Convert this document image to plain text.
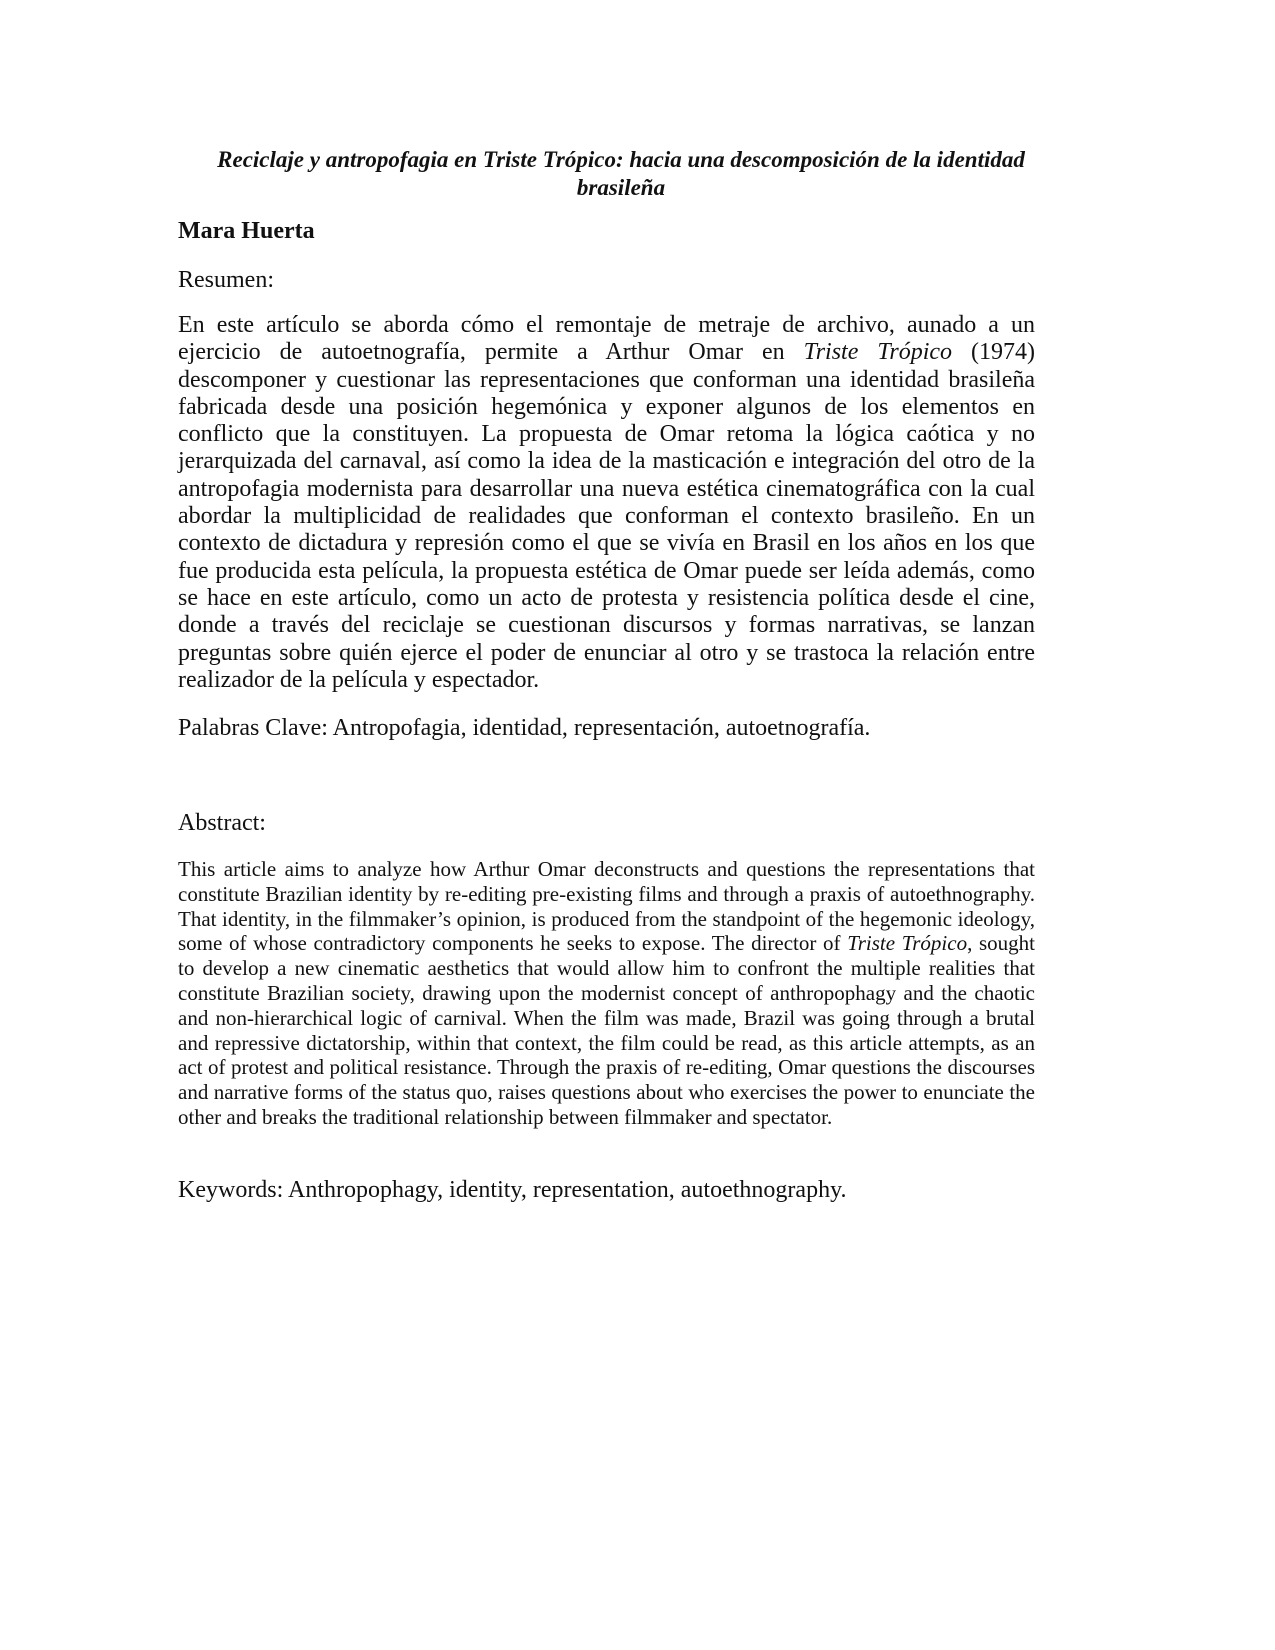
Reciclaje y antropofagia en Triste Trópico: hacia una descomposición de la identidad brasileña

Mara Huerta

Resumen:

En este artículo se aborda cómo el remontaje de metraje de archivo, aunado a un ejercicio de autoetnografía, permite a Arthur Omar en Triste Trópico (1974) descomponer y cuestionar las representaciones que conforman una identidad brasileña fabricada desde una posición hegemónica y exponer algunos de los elementos en conflicto que la constituyen. La propuesta de Omar retoma la lógica caótica y no jerarquizada del carnaval, así como la idea de la masticación e integración del otro de la antropofagia modernista para desarrollar una nueva estética cinematográfica con la cual abordar la multiplicidad de realidades que conforman el contexto brasileño. En un contexto de dictadura y represión como el que se vivía en Brasil en los años en los que fue producida esta película, la propuesta estética de Omar puede ser leída además, como se hace en este artículo, como un acto de protesta y resistencia política desde el cine, donde a través del reciclaje se cuestionan discursos y formas narrativas, se lanzan preguntas sobre quién ejerce el poder de enunciar al otro y se trastoca la relación entre realizador de la película y espectador.

Palabras Clave: Antropofagia, identidad, representación, autoetnografía.

Abstract:

This article aims to analyze how Arthur Omar deconstructs and questions the representations that constitute Brazilian identity by re-editing pre-existing films and through a praxis of autoethnography. That identity, in the filmmaker’s opinion, is produced from the standpoint of the hegemonic ideology, some of whose contradictory components he seeks to expose. The director of Triste Trópico, sought to develop a new cinematic aesthetics that would allow him to confront the multiple realities that constitute Brazilian society, drawing upon the modernist concept of anthropophagy and the chaotic and non-hierarchical logic of carnival. When the film was made, Brazil was going through a brutal and repressive dictatorship, within that context, the film could be read, as this article attempts, as an act of protest and political resistance. Through the praxis of re-editing, Omar questions the discourses and narrative forms of the status quo, raises questions about who exercises the power to enunciate the other and breaks the traditional relationship between filmmaker and spectator.

Keywords: Anthropophagy, identity, representation, autoethnography.
